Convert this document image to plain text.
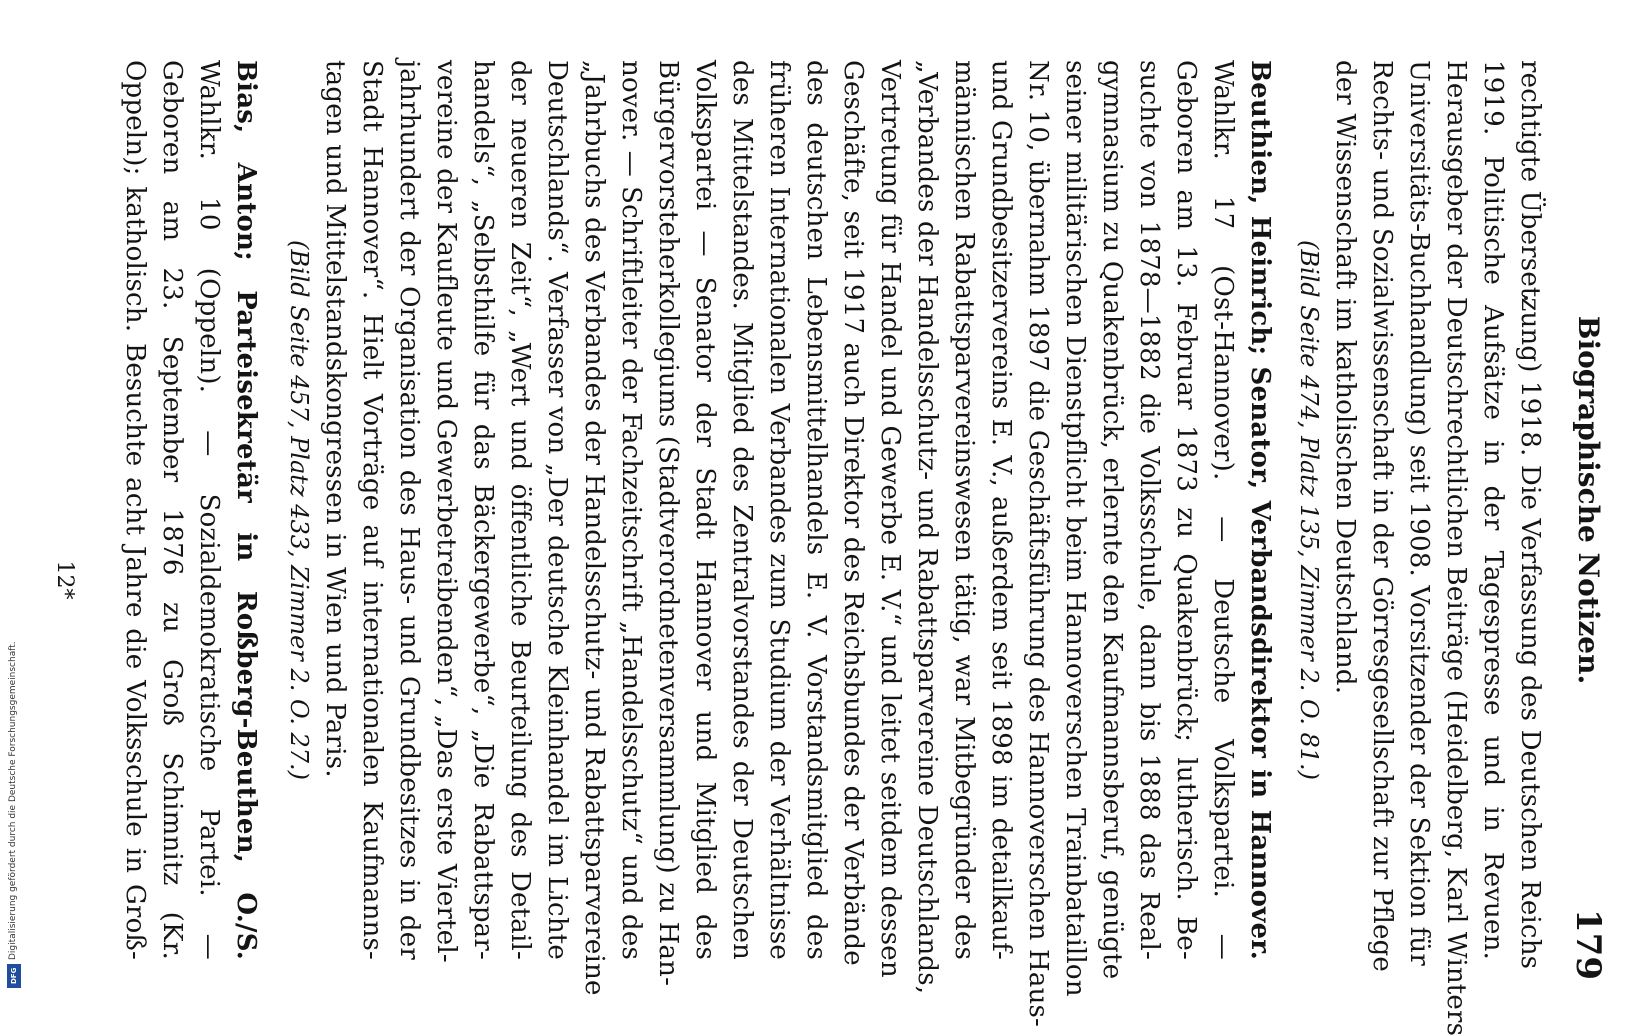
Biographische Notizen.
179
rechtigte Übersetzung) 1918. Die Verfassung des Deutschen Reichs
1919. Politische Aufsätze in der Tagespresse und in Revuen.
Herausgeber der Deutschrechtlichen Beiträge (Heidelberg, Karl Winters
Universitäts-Buchhandlung) seit 1908. Vorsitzender der Sektion für
Rechts- und Sozialwissenschaft in der Görresgesellschaft zur Pflege
der Wissenschaft im katholischen Deutschland.
(Bild Seite 474, Platz 135, Zimmer 2. O. 81.)
Beuthien, Heinrich; Senator, Verbandsdirektor in Hannover.
Wahlkr. 17 (Ost-Hannover). — Deutsche Volkspartei. —
Geboren am 13. Februar 1873 zu Quakenbrück; lutherisch. Be-
suchte von 1878—1882 die Volksschule, dann bis 1888 das Real-
gymnasium zu Quakenbrück, erlernte den Kaufmannsberuf, genügte
seiner militärischen Dienstpflicht beim Hannoverschen Trainbataillon
Nr. 10, übernahm 1897 die Geschäftsführung des Hannoverschen Haus-
und Grundbesitzervereins E. V., außerdem seit 1898 im detailkauf-
männischen Rabattsparvereinswesen tätig, war Mitbegründer des
„Verbandes der Handelsschutz- und Rabattsparvereine Deutschlands,
Vertretung für Handel und Gewerbe E. V.“ und leitet seitdem dessen
Geschäfte, seit 1917 auch Direktor des Reichsbundes der Verbände
des deutschen Lebensmittelhandels E. V. Vorstandsmitglied des
früheren Internationalen Verbandes zum Studium der Verhältnisse
des Mittelstandes. Mitglied des Zentralvorstandes der Deutschen
Volkspartei — Senator der Stadt Hannover und Mitglied des
Bürgervorsteherkollegiums (Stadtverordnetenversammlung) zu Han-
nover. — Schriftleiter der Fachzeitschrift „Handelsschutz“ und des
„Jahrbuchs des Verbandes der Handelsschutz- und Rabattsparvereine
Deutschlands“. Verfasser von „Der deutsche Kleinhandel im Lichte
der neueren Zeit“, „Wert und öffentliche Beurteilung des Detail-
handels“, „Selbsthilfe für das Bäckergewerbe“, „Die Rabattspar-
vereine der Kaufleute und Gewerbetreibenden“, „Das erste Viertel-
jahrhundert der Organisation des Haus- und Grundbesitzes in der
Stadt Hannover“. Hielt Vorträge auf internationalen Kaufmanns-
tagen und Mittelstandskongressen in Wien und Paris.
(Bild Seite 457, Platz 433, Zimmer 2. O. 27.)
Bias, Anton; Parteisekretär in Roßberg-Beuthen, O./S.
Wahlkr. 10 (Oppeln). — Sozialdemokratische Partei. —
Geboren am 23. September 1876 zu Groß Schimnitz (Kr.
Oppeln); katholisch. Besuchte acht Jahre die Volksschule in Groß-
12*
Digitalisierung gefördert durch die Deutsche Forschungsgemeinschaft.
DFG
